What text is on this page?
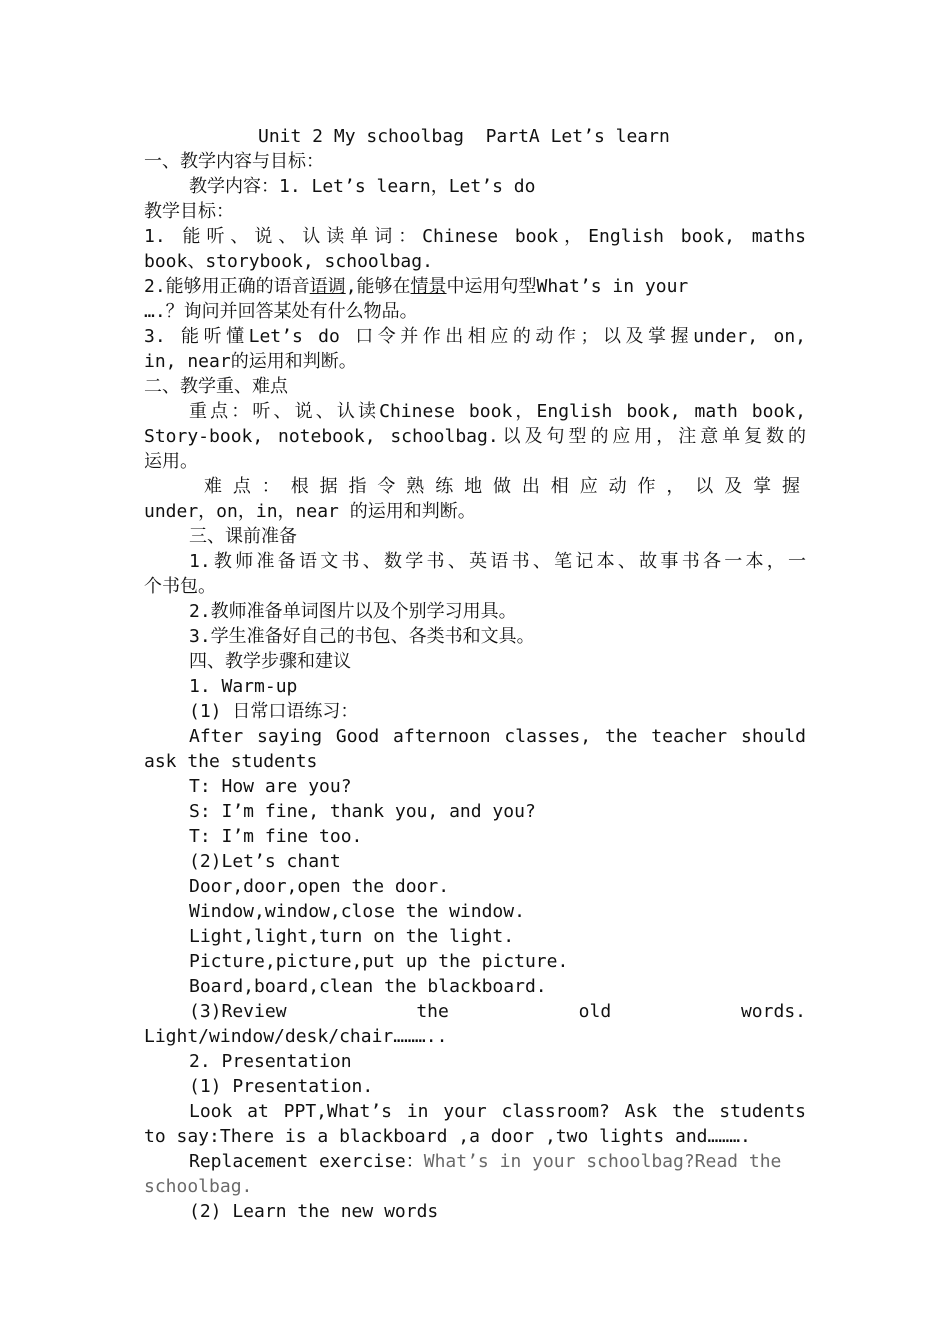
Unit 2 My schoolbag  PartA Let’s learn
一、教学内容与目标：
教学内容：1. Let’s learn，Let’s do
教学目标：
1. 能听、说、认读单词：Chinese book，English book, maths
book、storybook, schoolbag.
2.能够用正确的语音语调,能够在情景中运用句型What’s in your
….？询问并回答某处有什么物品。
3. 能听懂Let’s do 口令并作出相应的动作；以及掌握under, on,
in, near的运用和判断。
二、教学重、难点
重点：听、说、认读Chinese book，English book, math book,
Story-book, notebook, schoolbag.以及句型的应用，注意单复数的
运用。
难点：根据指令熟练地做出相应动作，以及掌握
under，on，in，near 的运用和判断。
三、课前准备
1.教师准备语文书、数学书、英语书、笔记本、故事书各一本，一
个书包。
2.教师准备单词图片以及个别学习用具。
3.学生准备好自己的书包、各类书和文具。
四、教学步骤和建议
1. Warm-up
(1) 日常口语练习：
After saying Good afternoon classes, the teacher should
ask the students
T: How are you?
S: I’m fine, thank you, and you?
T: I’m fine too.
(2)Let’s chant
Door,door,open the door.
Window,window,close the window.
Light,light,turn on the light.
Picture,picture,put up the picture.
Board,board,clean the blackboard.
(3)Review	the	old	words.
Light/window/desk/chair………..
2. Presentation
(1) Presentation.
Look at PPT,What’s in your classroom? Ask the students
to say:There is a blackboard ,a door ,two lights and……….
Replacement exercise：What’s in your schoolbag?Read the
schoolbag.
(2) Learn the new words
